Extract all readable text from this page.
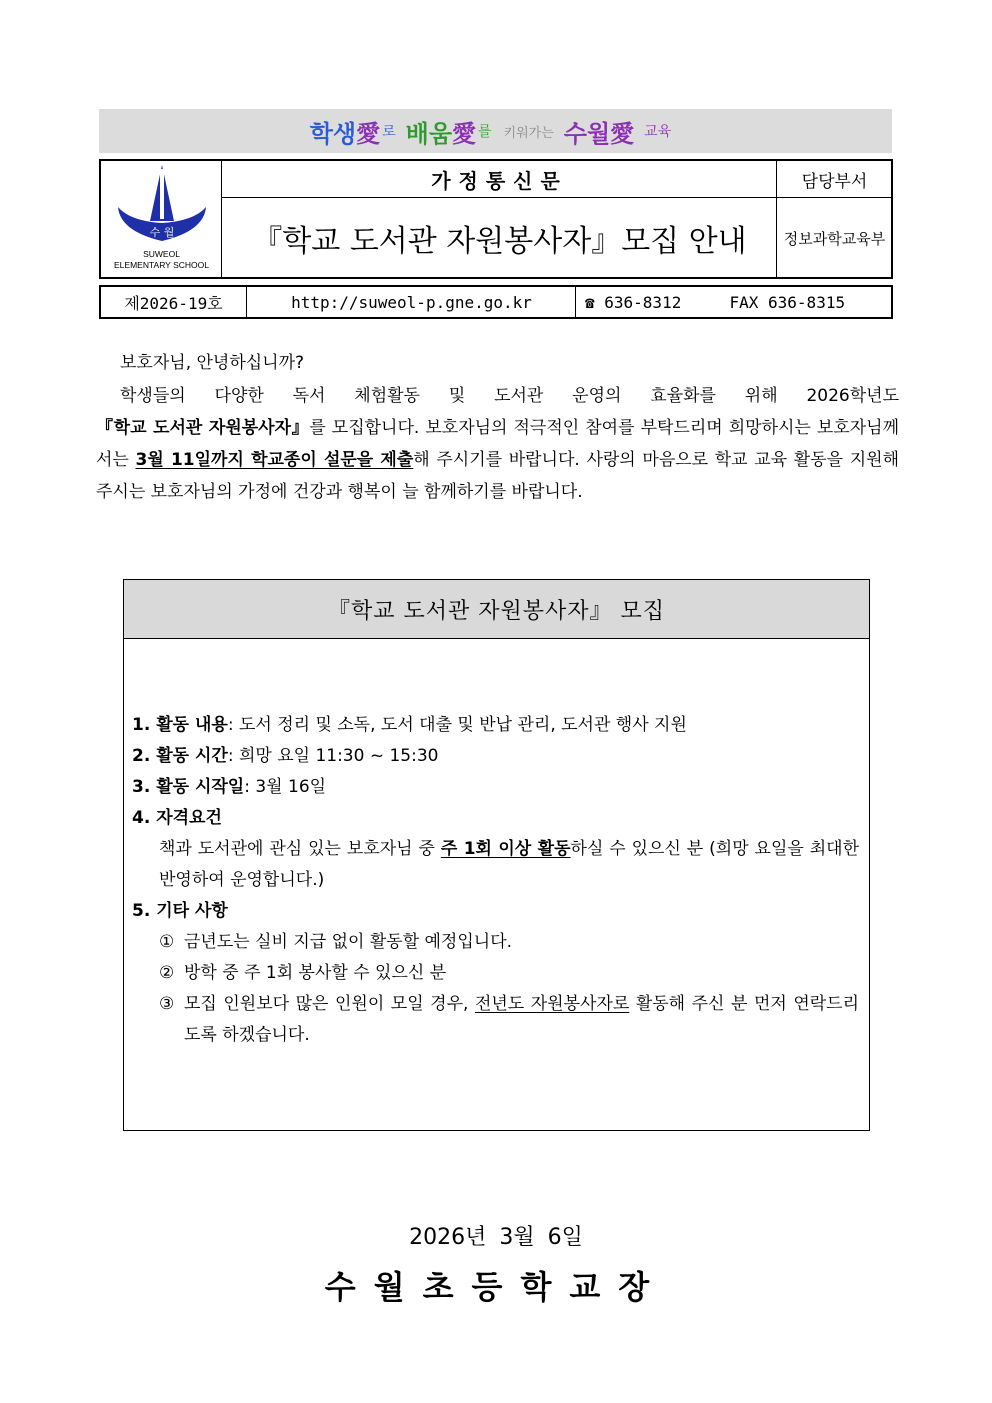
학생 愛 로 배움 愛 를 키워가는 수월 愛 교육
수 월
SUWEOL
ELEMENTARY SCHOOL
가정통신문
『학교 도서관 자원봉사자』모집 안내
담당부서
정보과학교육부
제2026-19호	http://suweol-p.gne.go.kr	☎ 636-8312     FAX 636-8315
보호자님, 안녕하십니까?
학생들의 다양한 독서 체험활동 및 도서관 운영의 효율화를 위해 2026학년도 『학교 도서관 자원봉사자』를 모집합니다. 보호자님의 적극적인 참여를 부탁드리며 희망하시는 보호자님께서는 3월 11일까지 학교종이 설문을 제출해 주시기를 바랍니다. 사랑의 마음으로 학교 교육 활동을 지원해 주시는 보호자님의 가정에 건강과 행복이 늘 함께하기를 바랍니다.
『학교 도서관 자원봉사자』 모집
1. 활동 내용: 도서 정리 및 소독, 도서 대출 및 반납 관리, 도서관 행사 지원
2. 활동 시간: 희망 요일 11:30 ~ 15:30
3. 활동 시작일: 3월 16일
4. 자격요건
책과 도서관에 관심 있는 보호자님 중 주 1회 이상 활동하실 수 있으신 분 (희망 요일을 최대한 반영하여 운영합니다.)
5. 기타 사항
① 금년도는 실비 지급 없이 활동할 예정입니다.
② 방학 중 주 1회 봉사할 수 있으신 분
③ 모집 인원보다 많은 인원이 모일 경우, 전년도 자원봉사자로 활동해 주신 분 먼저 연락드리도록 하겠습니다.
2026년 3월 6일
수월초등학교장
